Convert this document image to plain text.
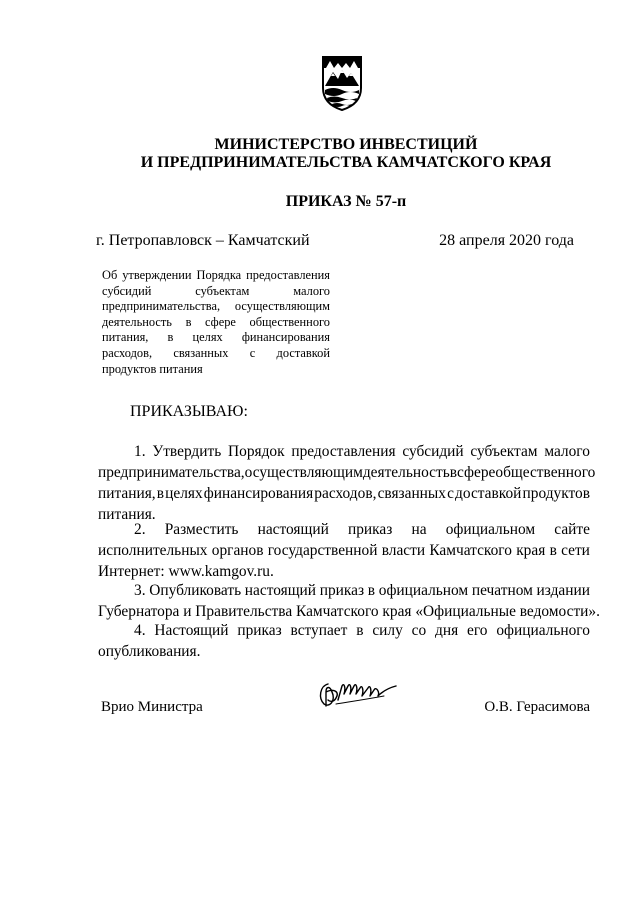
МИНИСТЕРСТВО ИНВЕСТИЦИЙ
И ПРЕДПРИНИМАТЕЛЬСТВА КАМЧАТСКОГО КРАЯ
ПРИКАЗ № 57-п
г. Петропавловск – Камчатский	28 апреля 2020 года
Об утверждении Порядка предоставления
субсидий	субъектам	малого
предпринимательства, осуществляющим
деятельность в сфере общественного
питания, в целях финансирования
расходов, связанных с доставкой
продуктов питания
ПРИКАЗЫВАЮ:
1. Утвердить Порядок предоставления субсидий субъектам малого
предпринимательства, осуществляющим деятельность в сфере общественного
питания, в целях финансирования расходов, связанных с доставкой продуктов
питания.
2. Разместить настоящий приказ на официальном сайте
исполнительных органов государственной власти Камчатского края в сети
Интернет: www.kamgov.ru.
3. Опубликовать настоящий приказ в официальном печатном издании
Губернатора и Правительства Камчатского края «Официальные ведомости».
4. Настоящий приказ вступает в силу со дня его официального
опубликования.
Врио Министра	О.В. Герасимова
